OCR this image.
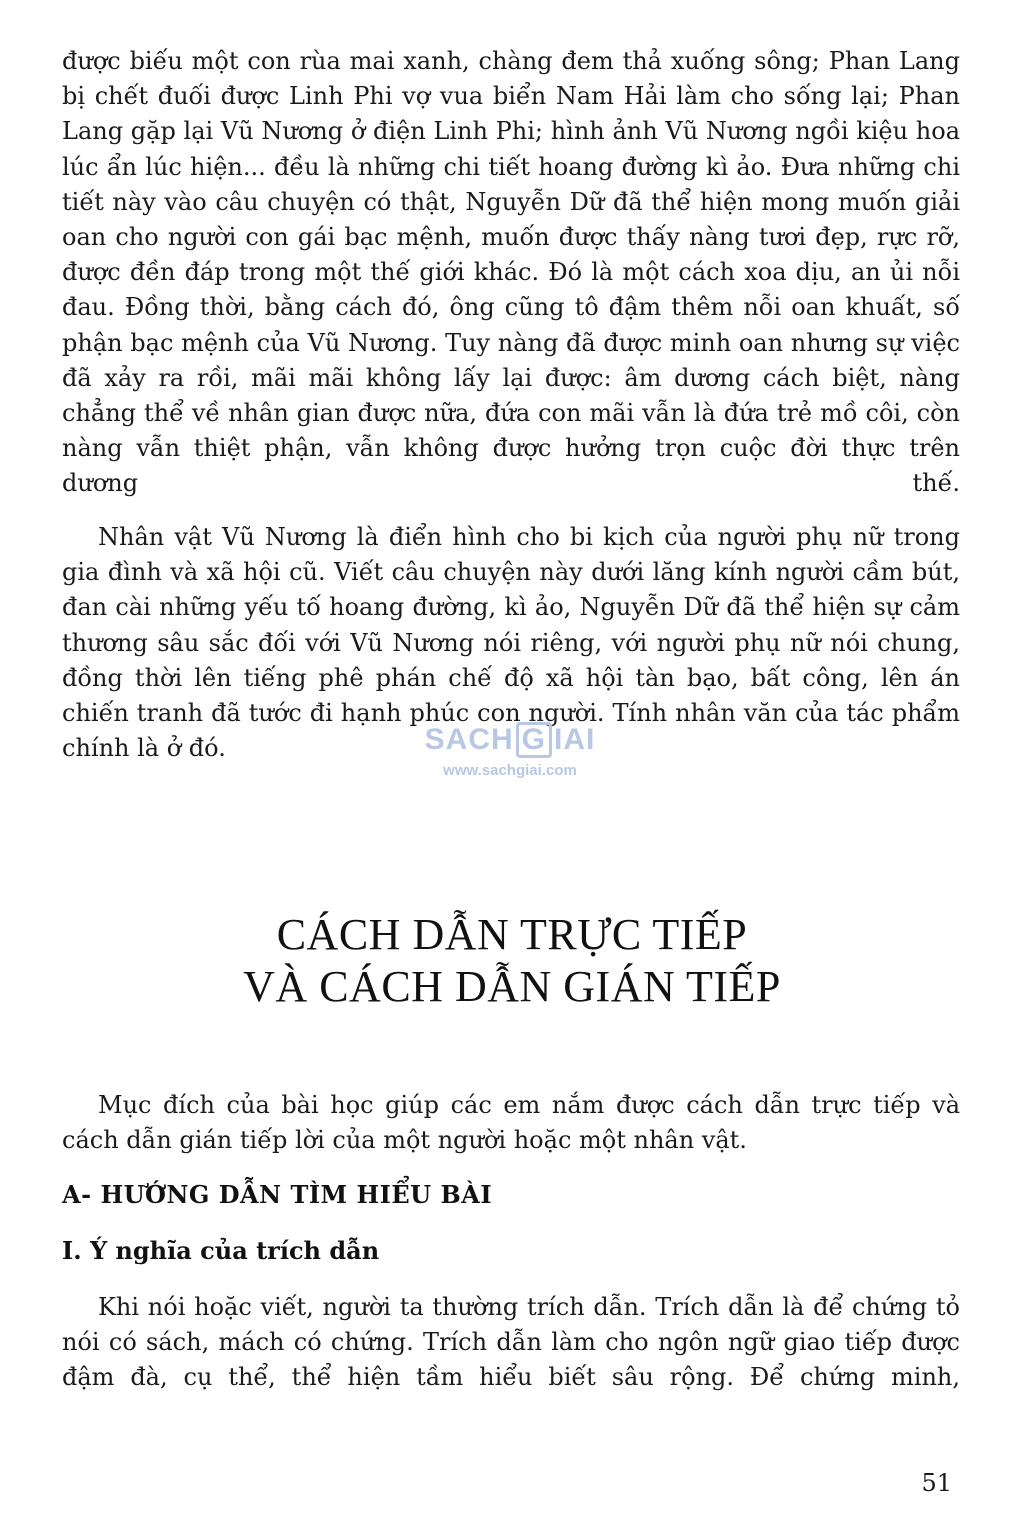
được biếu một con rùa mai xanh, chàng đem thả xuống sông; Phan Lang bị chết đuối được Linh Phi vợ vua biển Nam Hải làm cho sống lại; Phan Lang gặp lại Vũ Nương ở điện Linh Phi; hình ảnh Vũ Nương ngồi kiệu hoa lúc ẩn lúc hiện... đều là những chi tiết hoang đường kì ảo. Đưa những chi tiết này vào câu chuyện có thật, Nguyễn Dữ đã thể hiện mong muốn giải oan cho người con gái bạc mệnh, muốn được thấy nàng tươi đẹp, rực rỡ, được đền đáp trong một thế giới khác. Đó là một cách xoa dịu, an ủi nỗi đau. Đồng thời, bằng cách đó, ông cũng tô đậm thêm nỗi oan khuất, số phận bạc mệnh của Vũ Nương. Tuy nàng đã được minh oan nhưng sự việc đã xảy ra rồi, mãi mãi không lấy lại được: âm dương cách biệt, nàng chẳng thể về nhân gian được nữa, đứa con mãi vẫn là đứa trẻ mồ côi, còn nàng vẫn thiệt phận, vẫn không được hưởng trọn cuộc đời thực trên dương thế.

Nhân vật Vũ Nương là điển hình cho bi kịch của người phụ nữ trong gia đình và xã hội cũ. Viết câu chuyện này dưới lăng kính người cầm bút, đan cài những yếu tố hoang đường, kì ảo, Nguyễn Dữ đã thể hiện sự cảm thương sâu sắc đối với Vũ Nương nói riêng, với người phụ nữ nói chung, đồng thời lên tiếng phê phán chế độ xã hội tàn bạo, bất công, lên án chiến tranh đã tước đi hạnh phúc con người. Tính nhân văn của tác phẩm chính là ở đó.	SACH G IAI
www.sachgiai.com
CÁCH DẪN TRỰC TIẾP
VÀ CÁCH DẪN GIÁN TIẾP

Mục đích của bài học giúp các em nắm được cách dẫn trực tiếp và cách dẫn gián tiếp lời của một người hoặc một nhân vật.

A- HƯỚNG DẪN TÌM HIỂU BÀI
I. Ý nghĩa của trích dẫn

Khi nói hoặc viết, người ta thường trích dẫn. Trích dẫn là để chứng tỏ nói có sách, mách có chứng. Trích dẫn làm cho ngôn ngữ giao tiếp được đậm đà, cụ thể, thể hiện tầm hiểu biết sâu rộng. Để chứng minh,

51
